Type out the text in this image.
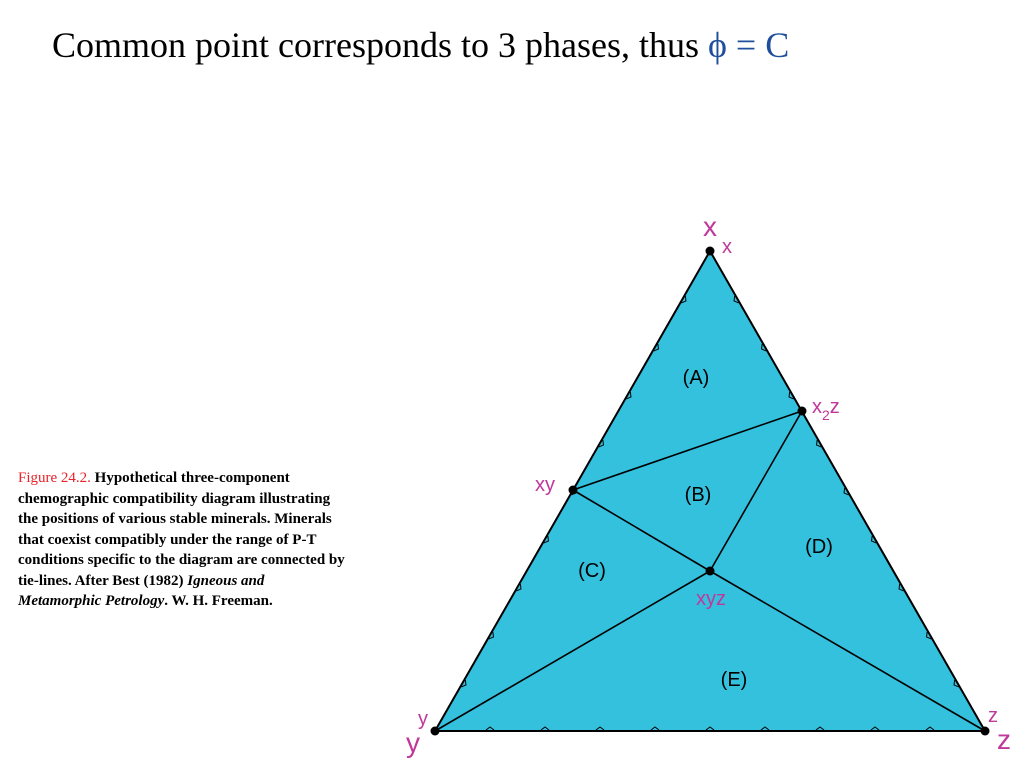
Common point corresponds to 3 phases, thus ϕ = C
Figure 24.2. Hypothetical three-component chemographic compatibility diagram illustrating the positions of various stable minerals. Minerals that coexist compatibly under the range of P-T conditions specific to the diagram are connected by tie-lines. After Best (1982) Igneous and Metamorphic Petrology. W. H. Freeman.
x
y	z
x
y	z
xy
$x_2z$
xyz
(A)
(B)
(C)
(D)
(E)
